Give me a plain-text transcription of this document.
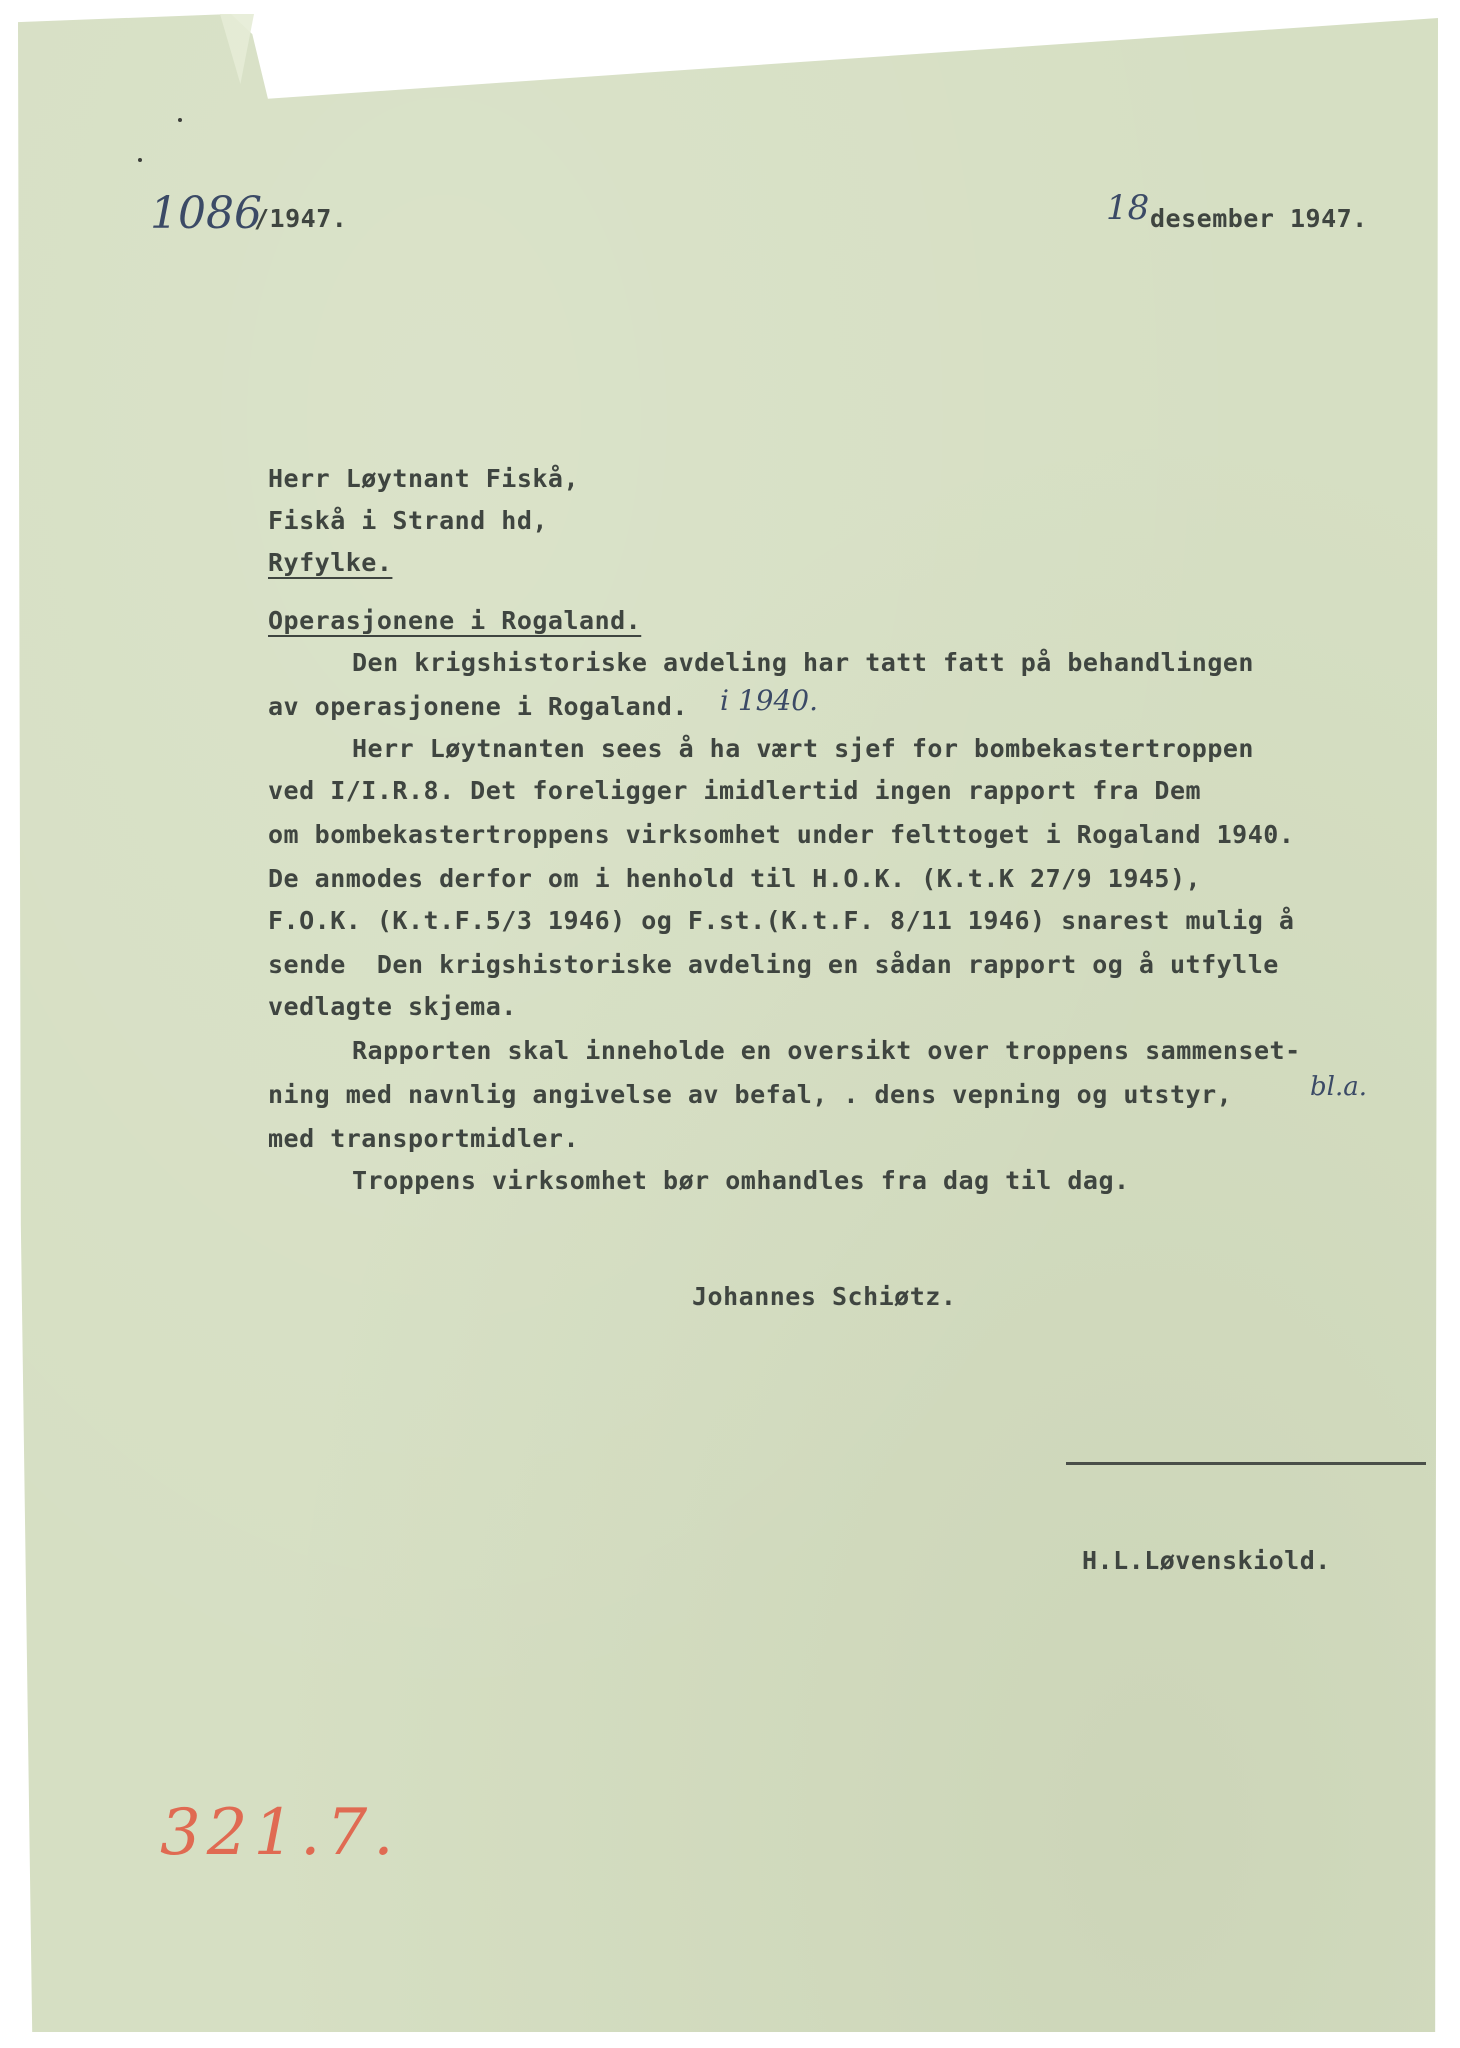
1086
/1947.	18 desember 1947.
Herr Løytnant Fiskå,
Fiskå i Strand hd,
Ryfylke.
Operasjonene i Rogaland.
Den krigshistoriske avdeling har tatt fatt på behandlingen
av operasjonene i Rogaland. i 1940.
Herr Løytnanten sees å ha vært sjef for bombekastertroppen
ved I/I.R.8. Det foreligger imidlertid ingen rapport fra Dem
om bombekastertroppens virksomhet under felttoget i Rogaland 1940.
De anmodes derfor om i henhold til H.O.K. (K.t.K 27/9 1945),
F.O.K. (K.t.F.5/3 1946) og F.st.(K.t.F. 8/11 1946) snarest mulig å
sende  Den krigshistoriske avdeling en sådan rapport og å utfylle
vedlagte skjema.
Rapporten skal inneholde en oversikt over troppens sammenset-
ning med navnlig angivelse av befal, . dens vepning og utstyr,	bl.a.
med transportmidler.
Troppens virksomhet bør omhandles fra dag til dag.
Johannes Schiøtz.
H.L.Løvenskiold.
321.7.
